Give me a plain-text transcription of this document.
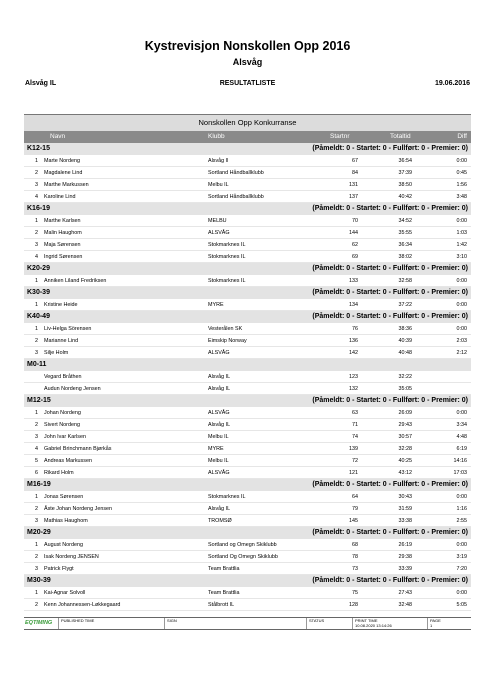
Kystrevisjon Nonskollen Opp 2016
Alsvåg
Alsvåg IL	RESULTATLISTE	19.06.2016
Nonskollen Opp Konkurranse
Navn	Klubb	Startnr	Totaltid	Diff
K12-15	(Påmeldt: 0 - Startet: 0 - Fullført: 0 - Premier: 0)
1 Marte Nordeng	Alsvåg Il	67	36:54	0:00
2 Magdalene Lind	Sortland Håndballklubb	84	37:39	0:45
3 Marthe Markussen	Melbu IL	131	38:50	1:56
4 Karoline Lind	Sortland Håndballklubb	137	40:42	3:48
K16-19	(Påmeldt: 0 - Startet: 0 - Fullført: 0 - Premier: 0)
1 Marthe Karlsen	MELBU	70	34:52	0:00
2 Malin Haughom	ALSVÅG	144	35:55	1:03
3 Maja Sørensen	Stokmarknes IL	62	36:34	1:42
4 Ingrid Sørensen	Stokmarknes IL	69	38:02	3:10
K20-29	(Påmeldt: 0 - Startet: 0 - Fullført: 0 - Premier: 0)
1 Anniken Liland Fredriksen	Stokmarknes IL	133	32:58	0:00
K30-39	(Påmeldt: 0 - Startet: 0 - Fullført: 0 - Premier: 0)
1 Kristine Heide	MYRE	134	37:22	0:00
K40-49	(Påmeldt: 0 - Startet: 0 - Fullført: 0 - Premier: 0)
1 Liv-Helga Sörensen	Vesterålen SK	76	38:36	0:00
2 Marianne Lind	Eimskip Norway	136	40:39	2:03
3 Silje Holm	ALSVÅG	142	40:48	2:12
M0-11
Vegard Bråthen	Alsvåg IL	123	32:22
Audun Nordeng Jensen	Alsvåg IL	132	35:05
M12-15	(Påmeldt: 0 - Startet: 0 - Fullført: 0 - Premier: 0)
1 Johan Nordeng	ALSVÅG	63	26:09	0:00
2 Sivert Nordeng	Alsvåg IL	71	29:43	3:34
3 John Ivar Karlsen	Melbu IL	74	30:57	4:48
4 Gabriel Brinchmann Bjørkås	MYRE	139	32:28	6:19
5 Andreas Markussen	Melbu IL	72	40:25	14:16
6 Rikard Holm	ALSVÅG	121	43:12	17:03
M16-19	(Påmeldt: 0 - Startet: 0 - Fullført: 0 - Premier: 0)
1 Jonas Sørensen	Stokmarknes IL	64	30:43	0:00
2 Åste Johan Nordeng Jensen	Alsvåg IL	79	31:59	1:16
3 Mathias Haughom	TROMSØ	145	33:38	2:55
M20-29	(Påmeldt: 0 - Startet: 0 - Fullført: 0 - Premier: 0)
1 August Nordeng	Sortland og Omegn Skiklubb	68	26:19	0:00
2 Isak Nordeng JENSEN	Sortland Og Omegn Skiklubb	78	29:38	3:19
3 Patrick Flygt	Team Brattlia	73	33:39	7:20
M30-39	(Påmeldt: 0 - Startet: 0 - Fullført: 0 - Premier: 0)
1 Kai-Agnar Solvoll	Team Brattlia	75	27:43	0:00
2 Kenn Johannessen-Løkkegaard	Stålbrott IL	128	32:48	5:05
EQTIMING PUBLISHED TIME	SIGN	STATUS	PRINT TIME
10.08.2020 13:14:26
PAGE
1
